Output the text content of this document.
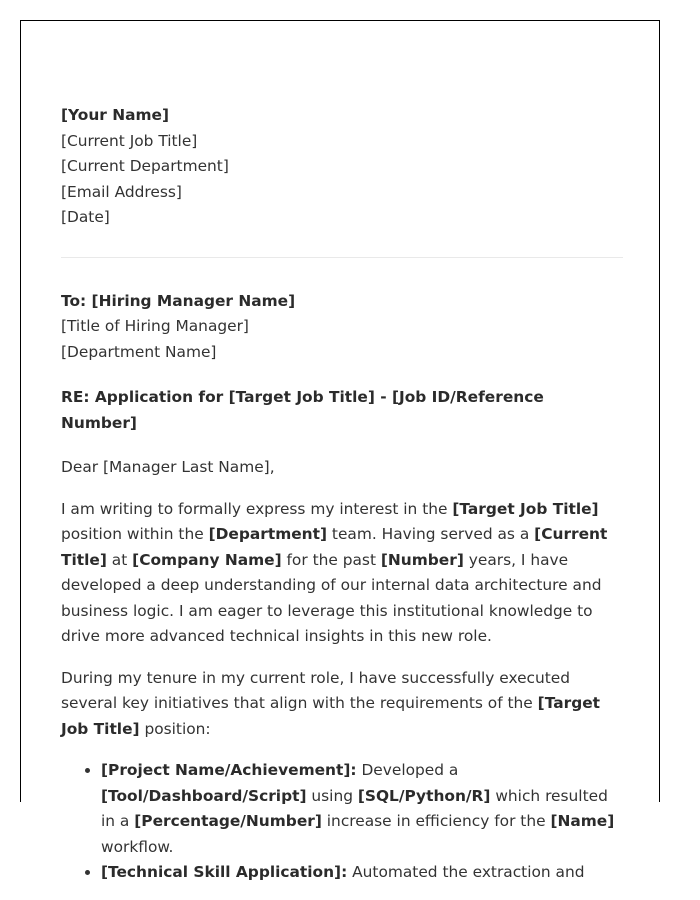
[Your Name]

[Current Job Title]

[Current Department]

[Email Address]

[Date]

To: [Hiring Manager Name]

[Title of Hiring Manager]

[Department Name]

RE: Application for [Target Job Title] - [Job ID/Reference Number]

Dear [Manager Last Name],

I am writing to formally express my interest in the [Target Job Title] position within the [Department] team. Having served as a [Current Title] at [Company Name] for the past [Number] years, I have developed a deep understanding of our internal data architecture and business logic. I am eager to leverage this institutional knowledge to drive more advanced technical insights in this new role.

During my tenure in my current role, I have successfully executed several key initiatives that align with the requirements of the [Target Job Title] position:

• [Project Name/Achievement]: Developed a [Tool/Dashboard/Script] using [SQL/Python/R] which resulted in a [Percentage/Number] increase in efficiency for the [Name] workflow.
• [Technical Skill Application]: Automated the extraction and
